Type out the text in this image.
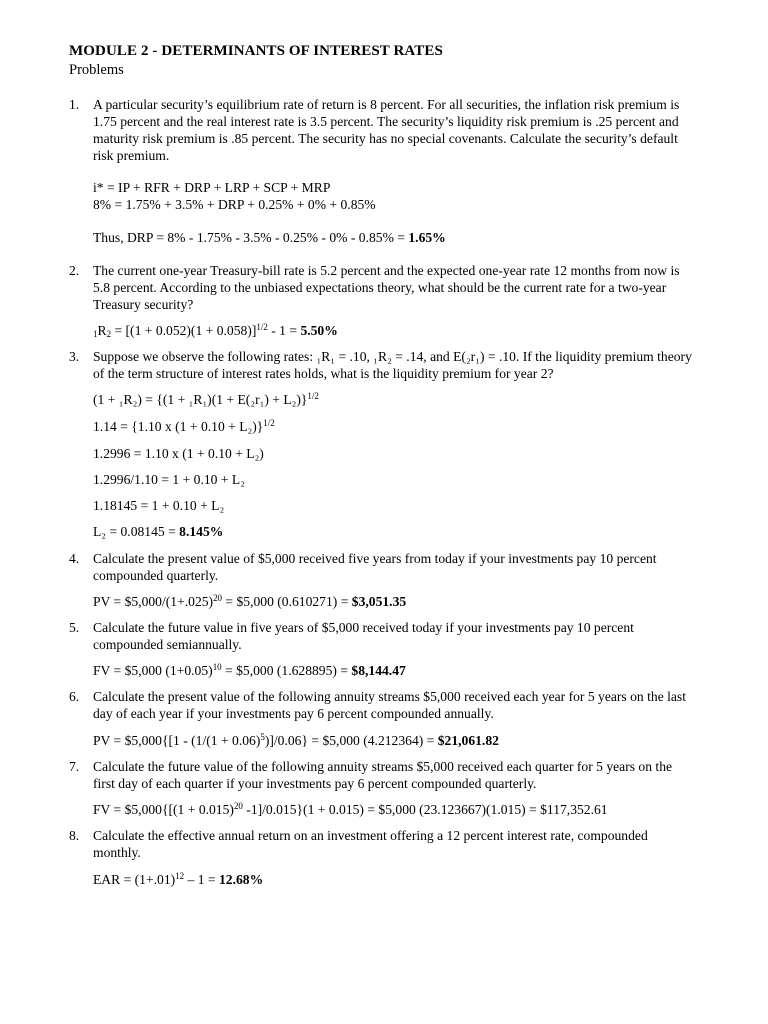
MODULE 2 - DETERMINANTS OF INTEREST RATES
Problems
1. A particular security’s equilibrium rate of return is 8 percent. For all securities, the inflation risk premium is
1.75 percent and the real interest rate is 3.5 percent. The security’s liquidity risk premium is .25 percent and
maturity risk premium is .85 percent. The security has no special covenants. Calculate the security’s default
risk premium.
i* = IP + RFR + DRP + LRP + SCP + MRP
8% = 1.75% + 3.5% + DRP + 0.25% + 0% + 0.85%
Thus, DRP = 8% - 1.75% - 3.5% - 0.25% - 0% - 0.85% = 1.65%
2. The current one-year Treasury-bill rate is 5.2 percent and the expected one-year rate 12 months from now is
5.8 percent. According to the unbiased expectations theory, what should be the current rate for a two-year
Treasury security?
$_1R_2 = [(1 + 0.052)(1 + 0.058)]^{1/2} - 1 = 5.50\%$
3. Suppose we observe the following rates: ₁R₁ = .10, ₁R₂ = .14, and E(₂r₁) = .10. If the liquidity premium theory
of the term structure of interest rates holds, what is the liquidity premium for year 2?
$(1 + _1R_2) = \{(1 + _1R_1)(1 + E(_2r_1) + L_2)\}^{1/2}$
1.14 = {1.10 x (1 + 0.10 + L₂)}$^{1/2}$
1.2996 = 1.10 x (1 + 0.10 + L₂)
1.2996/1.10 = 1 + 0.10 + L₂
1.18145 = 1 + 0.10 + L₂
L₂ = 0.08145 = 8.145%
4. Calculate the present value of $5,000 received five years from today if your investments pay 10 percent
compounded quarterly.
PV = $\$5,000/(1+.025)^{20}$ = $5,000 (0.610271) = $3,051.35
5. Calculate the future value in five years of $5,000 received today if your investments pay 10 percent
compounded semiannually.
FV = $5,000 $(1+0.05)^{10}$ = $5,000 (1.628895) = $8,144.47
6. Calculate the present value of the following annuity streams $5,000 received each year for 5 years on the last
day of each year if your investments pay 6 percent compounded annually.
PV = $5,000{[1 - $(1/(1 + 0.06)^5)]/0.06$} = $5,000 (4.212364) = $21,061.82
7. Calculate the future value of the following annuity streams $5,000 received each quarter for 5 years on the
first day of each quarter if your investments pay 6 percent compounded quarterly.
FV = $5,000{[(1 + 0.015)$^{20}$ -1]/0.015}(1 + 0.015) = $5,000 (23.123667)(1.015) = $117,352.61
8. Calculate the effective annual return on an investment offering a 12 percent interest rate, compounded
monthly.
EAR = $(1+.01)^{12} - 1 = 12.68\%$
